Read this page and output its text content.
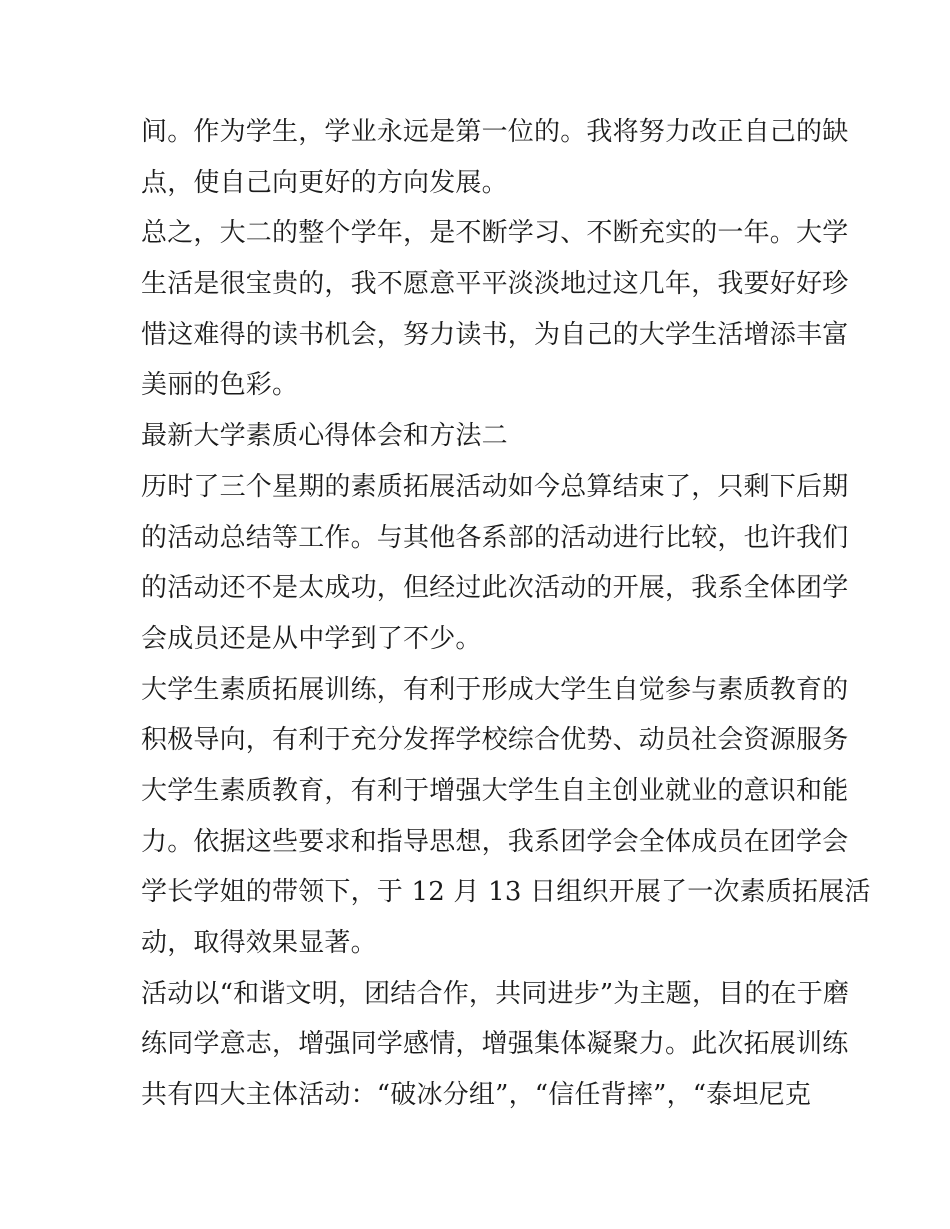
间。作为学生，学业永远是第一位的。我将努力改正自己的缺
点，使自己向更好的方向发展。
总之，大二的整个学年，是不断学习、不断充实的一年。大学
生活是很宝贵的，我不愿意平平淡淡地过这几年，我要好好珍
惜这难得的读书机会，努力读书，为自己的大学生活增添丰富
美丽的色彩。
最新大学素质心得体会和方法二
历时了三个星期的素质拓展活动如今总算结束了，只剩下后期
的活动总结等工作。与其他各系部的活动进行比较，也许我们
的活动还不是太成功，但经过此次活动的开展，我系全体团学
会成员还是从中学到了不少。
大学生素质拓展训练，有利于形成大学生自觉参与素质教育的
积极导向，有利于充分发挥学校综合优势、动员社会资源服务
大学生素质教育，有利于增强大学生自主创业就业的意识和能
力。依据这些要求和指导思想，我系团学会全体成员在团学会
学长学姐的带领下，于 12 月 13 日组织开展了一次素质拓展活
动，取得效果显著。
活动以“和谐文明，团结合作，共同进步”为主题，目的在于磨
练同学意志，增强同学感情，增强集体凝聚力。此次拓展训练
共有四大主体活动：“破冰分组”，“信任背摔”，“泰坦尼克
